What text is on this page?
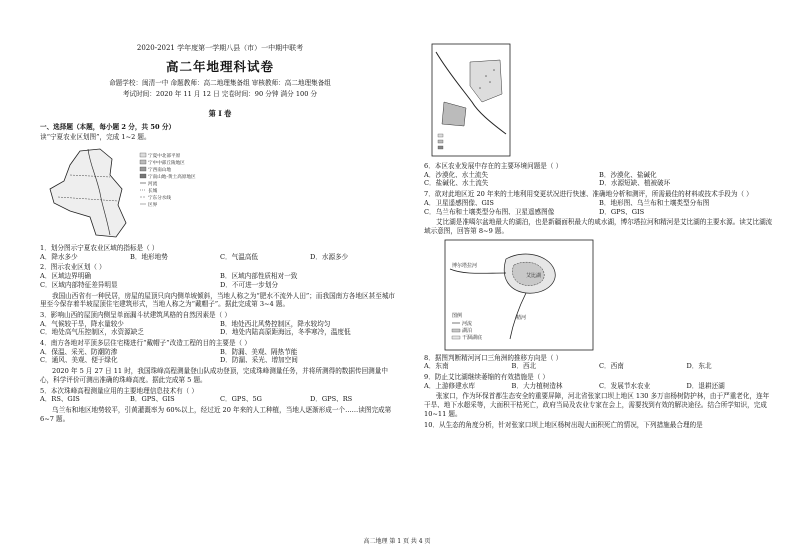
2020-2021 学年度第一学期八县（市）一中期中联考

高二年地理科试卷

命题学校：闽清一中 命题教师：高二地理集备组 审核教师：高二地理集备组

考试时间：2020 年 11 月 12 日 完卷时间：90 分钟 满分 100 分

第 Ⅰ 卷

一、选择题（本题，每小题 2 分，共 50 分）

读“宁夏农业区划图”，完成 1~2 题。

宁夏中北部平原
宁中中部丘陵地区
宁西南山地
宁南山地-黄土高原地区
河流
长城
宁东分水线
区界

1．划分图示宁夏农业区域的指标是（ ）

A．降水多少	B．地形地势	C．气温高低	D．水源多少

2．图示农业区划（ ）

A．区域边界明确	B．区域内部性质相对一致
C．区域内部特征差异明显	D．不可进一步划分

我国山西省有一种民居，房屋的屋顶只向内侧单坡倾斜，当地人称之为“肥水不流外人田”；而我国南方各地区甚至城市里至今保存着半坡屋顶住宅建筑形式，当地人称之为“戴帽子”。据此完成第 3~4 题。

3．影响山西的屋顶内侧呈单面漏斗状建筑风格的自然因素是（ ）

A．气候较干旱，降水量较少	B．地处西北风势控制区，降水较均匀
C．地处高气压控制区，水资源缺乏	D．地处内陆高原距海远，冬季寒冷，温度低

4．南方各地对平顶多层住宅楼进行“戴帽子”改造工程的目的主要是（ ）

A．保温、采光、防潮防渗	B．防漏、美观、隔热节能
C．通风、美观、便于绿化	D．防漏、采光、增加空间

2020 年 5 月 27 日 11 时，我国珠峰高程测量登山队成功登顶，完成珠峰测量任务，并将所测得的数据传回测量中心，科学评价可测出准确的珠峰高度。据此完成第 5 题。

5．本次珠峰高程测量应用的主要地理信息技术有（ ）

A．RS、GIS	B．GPS、GIS	C．GPS、5G	D．GPS、RS

乌兰布和地区地势较平，引黄灌溉率为 60%以上，经过近 20 年来的人工种植，当地人逐渐形成一个……读图完成第 6~7 题。

6．本区农业发展中存在的主要环境问题是（ ）

A．沙漠化、水土流失	B．沙漠化、盐碱化
C．盐碱化、水土流失	D．水源短缺、植被破坏

7．欲对此地区近 20 年来的土地利用变更状况进行快速、准确地分析和测评，所需最佳的材料或技术手段为（ ）

A．卫星遥感图像、GIS	B．地形图、乌兰布和土壤类型分布图
C．乌兰布和土壤类型分布图、卫星遥感图像	D．GPS、GIS

艾比湖是准噶尔盆地最大的湖泊，也是新疆面积最大的咸水湖，博尔塔拉河和精河是艾比湖的主要水源。读艾比湖流域示意图，回答第 8~9 题。

艾比湖
精河
博尔塔拉河
图例
河流
湖泊
干涸湖底

8．据图判断精河河口三角洲的推移方向是（ ）

A．东南	B．西北	C．西南	D．东北

9．防止艾比湖继续萎缩的有效措施是（ ）

A．上游修建水库	B．大力植树造林	C．发展节水农业	D．退耕还湖

张家口，作为环保首都生态安全的重要屏障，河北省张家口坝上地区 130 多万亩杨树防护林，由于严重老化，连年干旱、地下水超采等，大面积干枯死亡，政府当局及农业专家在会上，需要找到有效的解决途径。结合所学知识，完成 10~11 题。

10．从生态的角度分析，针对张家口坝上地区杨树出现大面积死亡的情况，下列措施最合理的是

高二地理 第 1 页 共 4 页
